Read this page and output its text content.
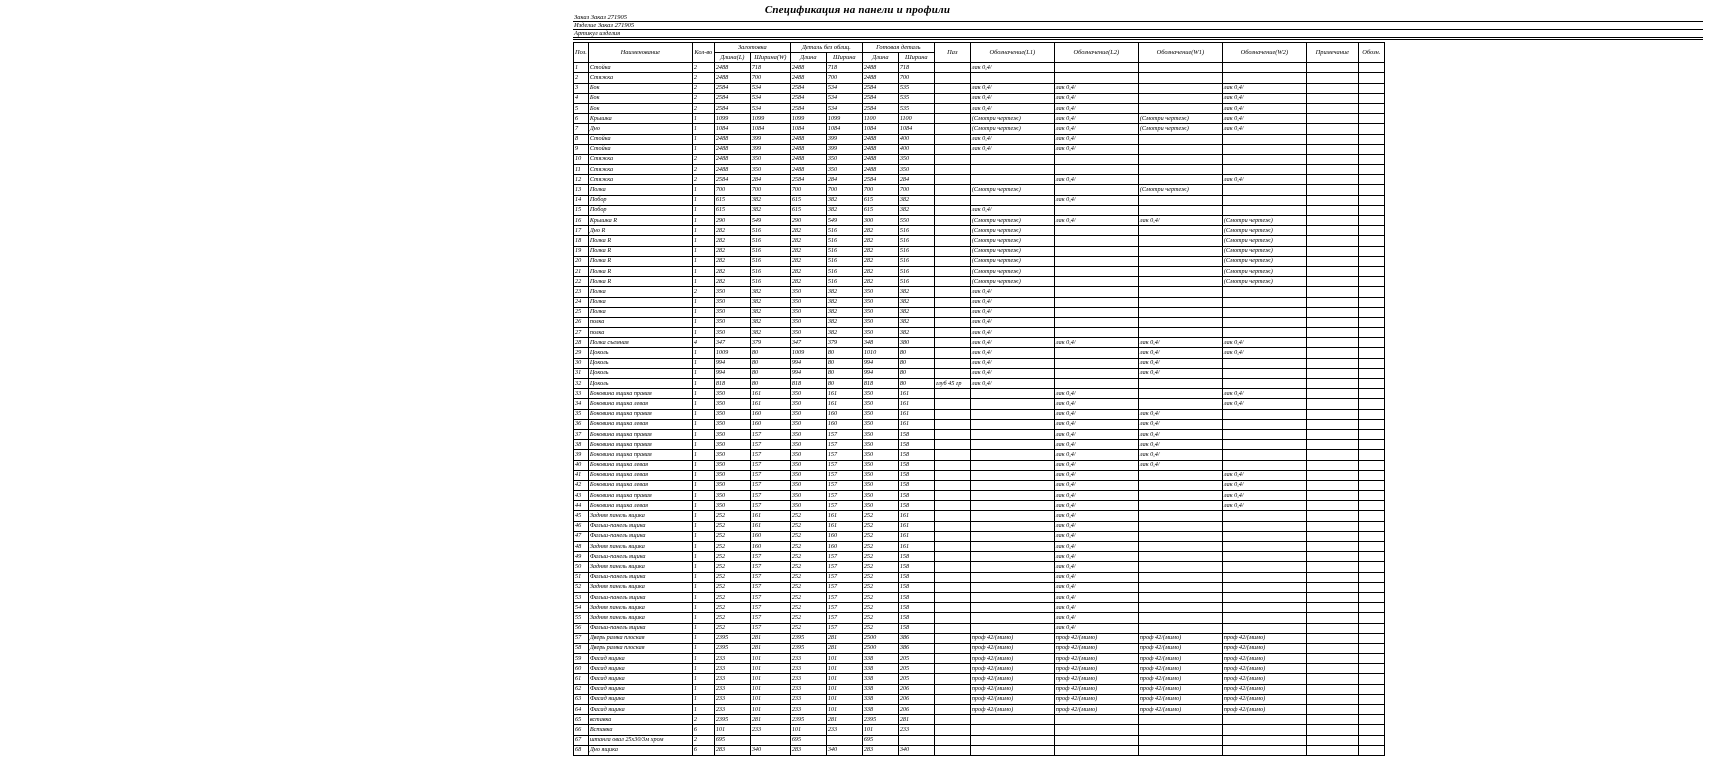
Спецификация на панели и профили
Заказ Заказ 271905
Изделие Заказ 271905
Артикул изделия
Поз.	Наименование	Кол-во	Заготовка		Деталь без облиц.		Готовая деталь		Паз	Обозначение(L1)	Обозначение(L2)	Обозначение(W1)	Обозначение(W2)	Примечание	Обозн.
			Длина(L)	Ширина(W)	Длина	Ширина	Длина	Ширина							
1	Стойка	2	2488	718	2488	718	2488	718		лак 0,4/					
2	Стяжка	2	2488	700	2488	700	2488	700							
3	Бок	2	2584	534	2584	534	2584	535		лак 0,4/	лак 0,4/		лак 0,4/		
4	Бок	2	2584	534	2584	534	2584	535		лак 0,4/	лак 0,4/		лак 0,4/		
5	Бок	2	2584	534	2584	534	2584	535		лак 0,4/	лак 0,4/		лак 0,4/		
6	Крышка	1	1099	1099	1099	1099	1100	1100		(Смотри чертеж)	лак 0,4/	(Смотри чертеж)	лак 0,4/		
7	Дно	1	1084	1084	1084	1084	1084	1084		(Смотри чертеж)	лак 0,4/	(Смотри чертеж)	лак 0,4/		
8	Стойка	1	2488	399	2488	399	2488	400		лак 0,4/	лак 0,4/				
9	Стойка	1	2488	399	2488	399	2488	400		лак 0,4/	лак 0,4/				
10	Стяжка	2	2488	350	2488	350	2488	350							
11	Стяжка	2	2488	350	2488	350	2488	350							
12	Стяжка	2	2584	284	2584	284	2584	284			лак 0,4/		лак 0,4/		
13	Полка	1	700	700	700	700	700	700		(Смотри чертеж)		(Смотри чертеж)			
14	Побор	1	615	382	615	382	615	382			лак 0,4/				
15	Побор	1	615	382	615	382	615	382		лак 0,4/					
16	Крышка R	1	290	549	290	549	300	550		(Смотри чертеж)	лак 0,4/	лак 0,4/	(Смотри чертеж)		
17	Дно R	1	282	516	282	516	282	516		(Смотри чертеж)			(Смотри чертеж)		
18	Полка R	1	282	516	282	516	282	516		(Смотри чертеж)			(Смотри чертеж)		
19	Полка R	1	282	516	282	516	282	516		(Смотри чертеж)			(Смотри чертеж)		
20	Полка R	1	282	516	282	516	282	516		(Смотри чертеж)			(Смотри чертеж)		
21	Полка R	1	282	516	282	516	282	516		(Смотри чертеж)			(Смотри чертеж)		
22	Полка R	1	282	516	282	516	282	516		(Смотри чертеж)			(Смотри чертеж)		
23	Полка	2	350	382	350	382	350	382		лак 0,4/					
24	Полка	1	350	382	350	382	350	382		лак 0,4/					
25	Полка	1	350	382	350	382	350	382		лак 0,4/					
26	полка	1	350	382	350	382	350	382		лак 0,4/					
27	полка	1	350	382	350	382	350	382		лак 0,4/					
28	Полка съемная	4	347	379	347	379	348	380		лак 0,4/	лак 0,4/	лак 0,4/	лак 0,4/		
29	Цоколь	1	1009	80	1009	80	1010	80		лак 0,4/		лак 0,4/	лак 0,4/		
30	Цоколь	1	994	80	994	80	994	80		лак 0,4/		лак 0,4/			
31	Цоколь	1	994	80	994	80	994	80		лак 0,4/		лак 0,4/			
32	Цоколь	1	818	80	818	80	818	80	глуб 45 гр	лак 0,4/					
33	Боковина ящика правая	1	350	161	350	161	350	161			лак 0,4/		лак 0,4/		
34	Боковина ящика левая	1	350	161	350	161	350	161			лак 0,4/		лак 0,4/		
35	Боковина ящика правая	1	350	160	350	160	350	161			лак 0,4/	лак 0,4/			
36	Боковина ящика левая	1	350	160	350	160	350	161			лак 0,4/	лак 0,4/			
37	Боковина ящика правая	1	350	157	350	157	350	158			лак 0,4/	лак 0,4/			
38	Боковина ящика правая	1	350	157	350	157	350	158			лак 0,4/	лак 0,4/			
39	Боковина ящика правая	1	350	157	350	157	350	158			лак 0,4/	лак 0,4/			
40	Боковина ящика левая	1	350	157	350	157	350	158			лак 0,4/	лак 0,4/			
41	Боковина ящика левая	1	350	157	350	157	350	158			лак 0,4/		лак 0,4/		
42	Боковина ящика левая	1	350	157	350	157	350	158			лак 0,4/		лак 0,4/		
43	Боковина ящика правая	1	350	157	350	157	350	158			лак 0,4/		лак 0,4/		
44	Боковина ящика левая	1	350	157	350	157	350	158			лак 0,4/		лак 0,4/		
45	Задняя панель ящика	1	252	161	252	161	252	161			лак 0,4/				
46	Фальш-панель ящика	1	252	161	252	161	252	161			лак 0,4/				
47	Фальш-панель ящика	1	252	160	252	160	252	161			лак 0,4/				
48	Задняя панель ящика	1	252	160	252	160	252	161			лак 0,4/				
49	Фальш-панель ящика	1	252	157	252	157	252	158			лак 0,4/				
50	Задняя панель ящика	1	252	157	252	157	252	158			лак 0,4/				
51	Фальш-панель ящика	1	252	157	252	157	252	158			лак 0,4/				
52	Задняя панель ящика	1	252	157	252	157	252	158			лак 0,4/				
53	Фальш-панель ящика	1	252	157	252	157	252	158			лак 0,4/				
54	Задняя панель ящика	1	252	157	252	157	252	158			лак 0,4/				
55	Задняя панель ящика	1	252	157	252	157	252	158			лак 0,4/				
56	Фальш-панель ящика	1	252	157	252	157	252	158			лак 0,4/				
57	Дверь рамка плоская	1	2395	281	2395	281	2500	386		проф 42/(мимо)	проф 42/(мимо)	проф 42/(мимо)	проф 42/(мимо)		
58	Дверь рамка плоская	1	2395	281	2395	281	2500	386		проф 42/(мимо)	проф 42/(мимо)	проф 42/(мимо)	проф 42/(мимо)		
59	Фасад ящика	1	233	101	233	101	338	205		проф 42/(мимо)	проф 42/(мимо)	проф 42/(мимо)	проф 42/(мимо)		
60	Фасад ящика	1	233	101	233	101	338	205		проф 42/(мимо)	проф 42/(мимо)	проф 42/(мимо)	проф 42/(мимо)		
61	Фасад ящика	1	233	101	233	101	338	205		проф 42/(мимо)	проф 42/(мимо)	проф 42/(мимо)	проф 42/(мимо)		
62	Фасад ящика	1	233	101	233	101	338	206		проф 42/(мимо)	проф 42/(мимо)	проф 42/(мимо)	проф 42/(мимо)		
63	Фасад ящика	1	233	101	233	101	338	206		проф 42/(мимо)	проф 42/(мимо)	проф 42/(мимо)	проф 42/(мимо)		
64	Фасад ящика	1	233	101	233	101	338	206		проф 42/(мимо)	проф 42/(мимо)	проф 42/(мимо)	проф 42/(мимо)		
65	вставка	2	2395	281	2395	281	2395	281							
66	Вставка	6	101	233	101	233	101	233							
67	штанга овал 25х30/3м хром	2	695		695		695								
68	Дно ящика	6	283	340	283	340	283	340							
